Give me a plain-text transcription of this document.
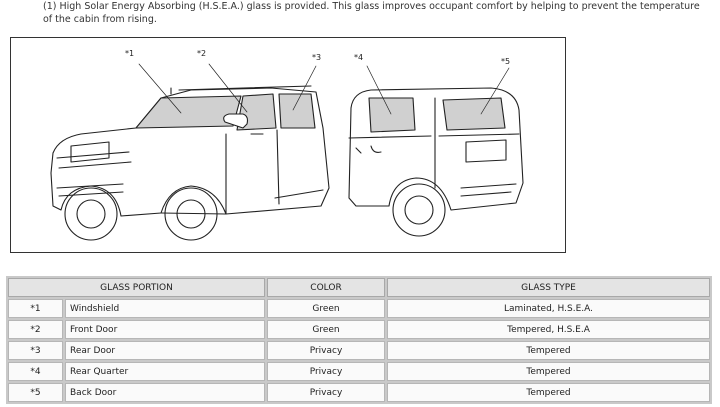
(1) High Solar Energy Absorbing (H.S.E.A.) glass is provided. This glass improves occupant comfort by helping to prevent the temperature of the cabin from rising.
*1	*2	*3	*4	*5
GLASS PORTION		COLOR	GLASS TYPE
*1	Windshield	Green	Laminated, H.S.E.A.
*2	Front Door	Green	Tempered, H.S.E.A
*3	Rear Door	Privacy	Tempered
*4	Rear Quarter	Privacy	Tempered
*5	Back Door	Privacy	Tempered
